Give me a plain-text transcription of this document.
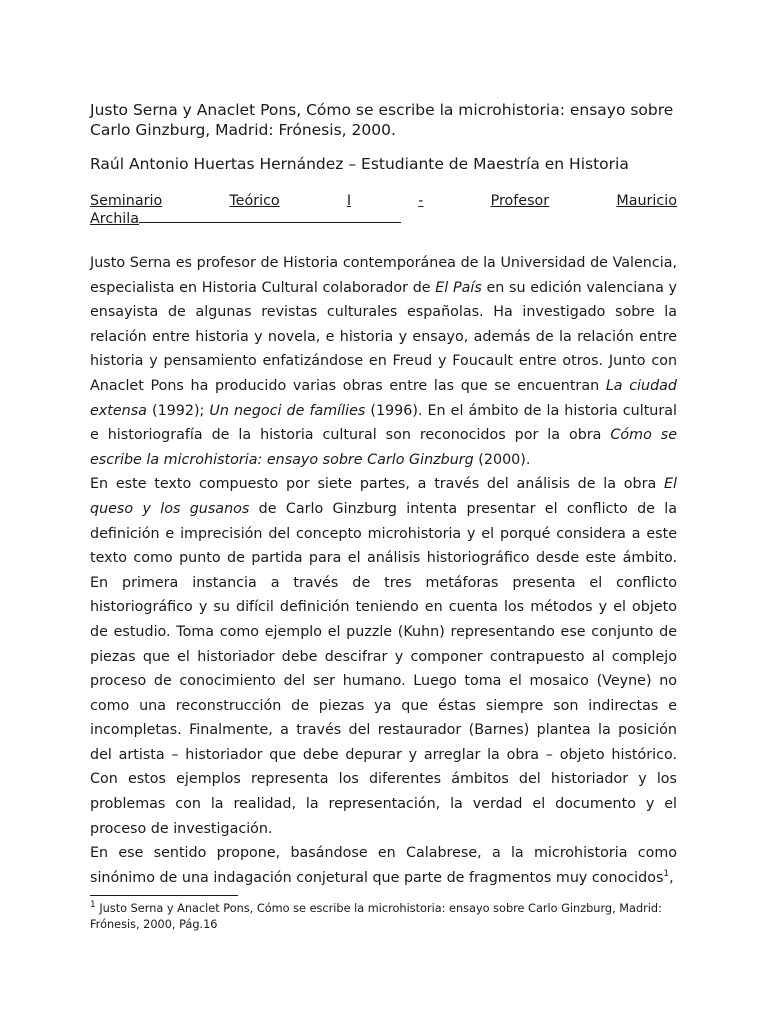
Justo Serna y Anaclet Pons, Cómo se escribe la microhistoria: ensayo sobre Carlo Ginzburg, Madrid: Frónesis, 2000.
Raúl Antonio Huertas Hernández – Estudiante de Maestría en Historia
Seminario	Teórico	I	-	Profesor	Mauricio
Archila

Justo Serna es profesor de Historia contemporánea de la Universidad de Valencia, especialista en Historia Cultural colaborador de El País en su edición valenciana y ensayista de algunas revistas culturales españolas. Ha investigado sobre la relación entre historia y novela, e historia y ensayo, además de la relación entre historia y pensamiento enfatizándose en Freud y Foucault entre otros. Junto con Anaclet Pons ha producido varias obras entre las que se encuentran La ciudad extensa (1992); Un negoci de famílies (1996). En el ámbito de la historia cultural e historiografía de la historia cultural son reconocidos por la obra Cómo se escribe la microhistoria: ensayo sobre Carlo Ginzburg (2000).

En este texto compuesto por siete partes, a través del análisis de la obra El queso y los gusanos de Carlo Ginzburg intenta presentar el conflicto de la definición e imprecisión del concepto microhistoria y el porqué considera a este texto como punto de partida para el análisis historiográfico desde este ámbito. En primera instancia a través de tres metáforas presenta el conflicto historiográfico y su difícil definición teniendo en cuenta los métodos y el objeto de estudio. Toma como ejemplo el puzzle (Kuhn) representando ese conjunto de piezas que el historiador debe descifrar y componer contrapuesto al complejo proceso de conocimiento del ser humano. Luego toma el mosaico (Veyne) no como una reconstrucción de piezas ya que éstas siempre son indirectas e incompletas. Finalmente, a través del restaurador (Barnes) plantea la posición del artista – historiador que debe depurar y arreglar la obra – objeto histórico. Con estos ejemplos representa los diferentes ámbitos del historiador y los problemas con la realidad, la representación, la verdad el documento y el proceso de investigación.

En ese sentido propone, basándose en Calabrese, a la microhistoria como sinónimo de una indagación conjetural que parte de fragmentos muy conocidos$^1$,

$^1$ Justo Serna y Anaclet Pons, Cómo se escribe la microhistoria: ensayo sobre Carlo Ginzburg, Madrid: Frónesis, 2000, Pág.16
